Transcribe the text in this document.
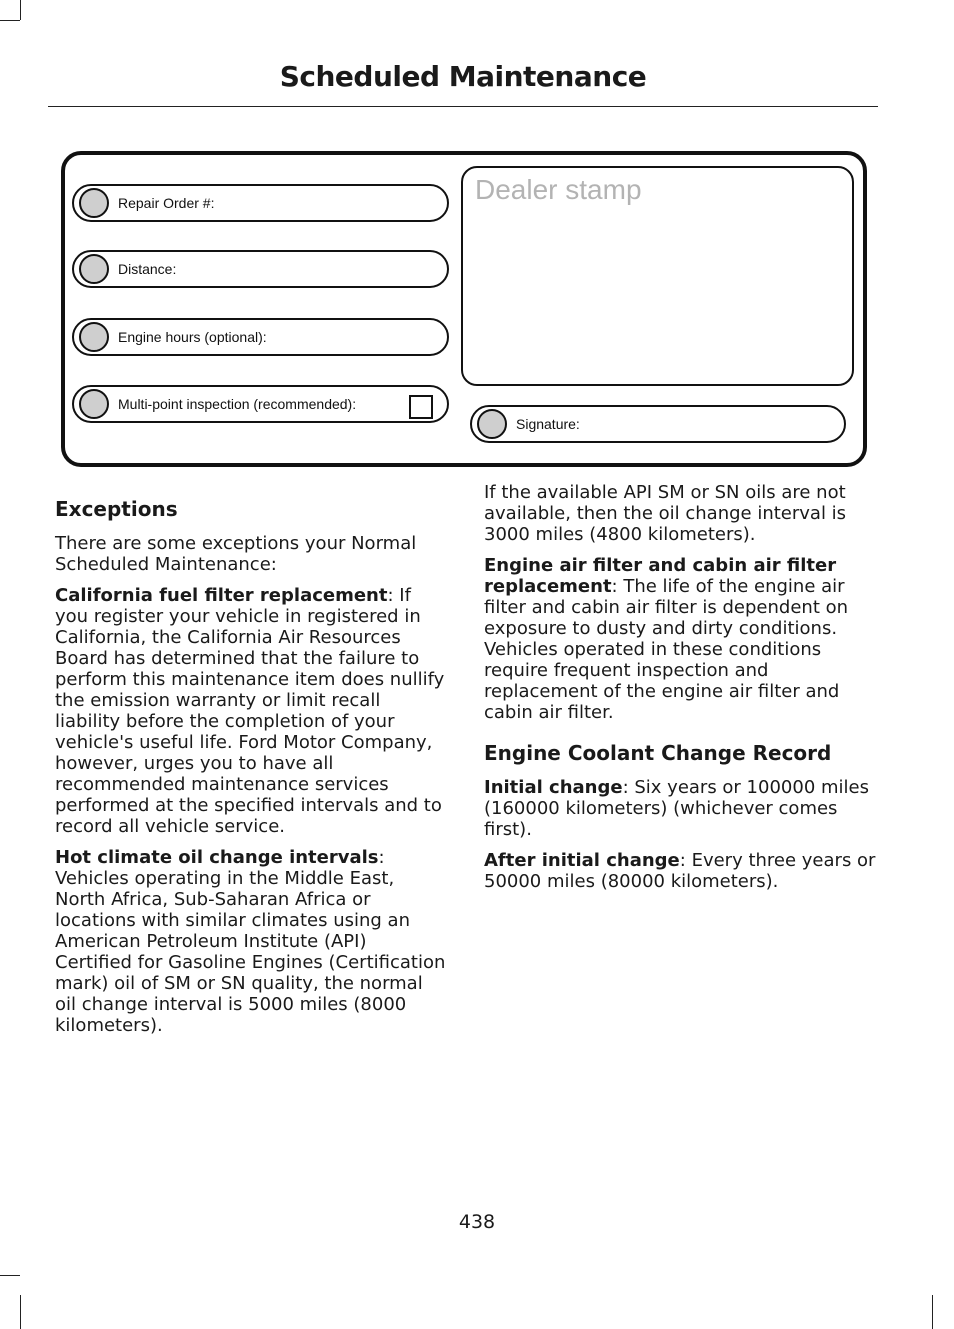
Scheduled Maintenance
Repair Order #:
Distance:
Engine hours (optional):
Multi-point inspection (recommended):
Dealer stamp
Signature:
Exceptions

There are some exceptions your Normal Scheduled Maintenance:

California fuel filter replacement: If you register your vehicle in registered in California, the California Air Resources Board has determined that the failure to perform this maintenance item does nullify the emission warranty or limit recall liability before the completion of your vehicle's useful life. Ford Motor Company, however, urges you to have all recommended maintenance services performed at the specified intervals and to record all vehicle service.

Hot climate oil change intervals: Vehicles operating in the Middle East, North Africa, Sub-Saharan Africa or locations with similar climates using an American Petroleum Institute (API) Certified for Gasoline Engines (Certification mark) oil of SM or SN quality, the normal oil change interval is 5000 miles (8000 kilometers).

If the available API SM or SN oils are not available, then the oil change interval is 3000 miles (4800 kilometers).

Engine air filter and cabin air filter replacement: The life of the engine air filter and cabin air filter is dependent on exposure to dusty and dirty conditions. Vehicles operated in these conditions require frequent inspection and replacement of the engine air filter and cabin air filter.

Engine Coolant Change Record

Initial change: Six years or 100000 miles (160000 kilometers) (whichever comes first).

After initial change: Every three years or 50000 miles (80000 kilometers).

438
